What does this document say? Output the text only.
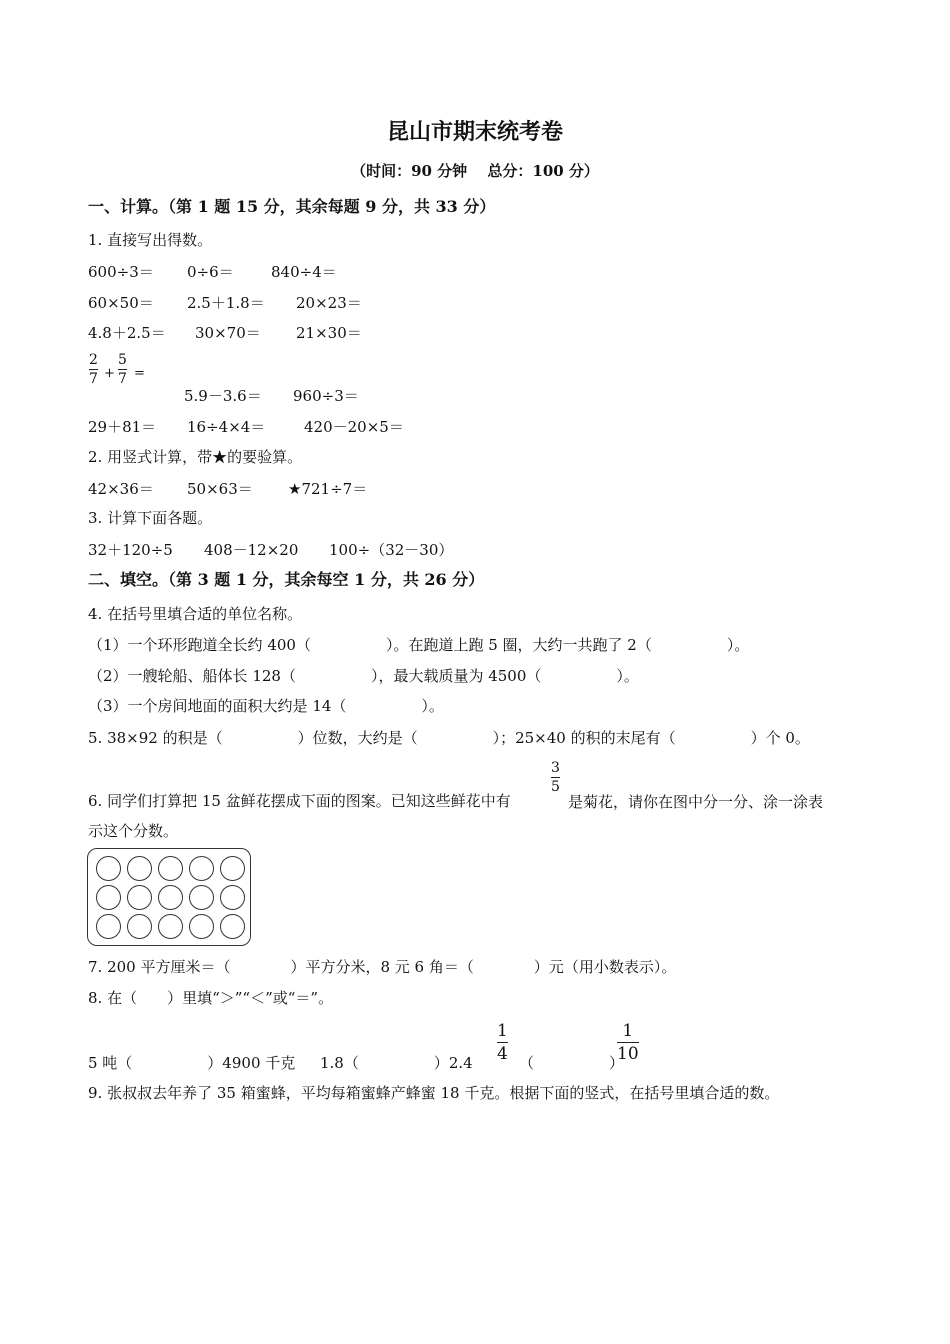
昆山市期末统考卷
（时间：90 分钟　 总分：100 分）
一、计算。（第 1 题 15 分，其余每题 9 分，共 33 分）
1. 直接写出得数。
600÷3＝ 0÷6＝ 840÷4＝
60×50＝ 2.5＋1.8＝ 20×23＝
4.8＋2.5＝ 30×70＝ 21×30＝
2
7 +
5
7 =
5.9－3.6＝ 960÷3＝
29＋81＝ 16÷4×4＝	420－20×5＝
2. 用竖式计算，带★的要验算。
42×36＝ 50×63＝ ★721÷7＝
3. 计算下面各题。
32＋120÷5 408－12×20 100÷（32－30）
二、填空。（第 3 题 1 分，其余每空 1 分，共 26 分）
4. 在括号里填合适的单位名称。
（1）一个环形跑道全长约 400（　　　　　）。在跑道上跑 5 圈，大约一共跑了 2（　　　　　）。
（2）一艘轮船、船体长 128（　　　　　），最大载质量为 4500（　　　　　）。
（3）一个房间地面的面积大约是 14（　　　　　）。
5. 38×92 的积是（　　　　　）位数，大约是（　　　　　）；25×40 的积的末尾有（　　　　　）个 0。
6. 同学们打算把 15 盆鲜花摆成下面的图案。已知这些鲜花中有
3
5
是菊花，请你在图中分一分、涂一涂表
示这个分数。
7. 200 平方厘米＝（　　　　）平方分米，8 元 6 角＝（　　　　）元（用小数表示）。
8. 在（　　）里填“＞”“＜”或“＝”。
5 吨（　　　　　）4900 千克 1.8（　　　　　）2.4
1
4 （　　　　　）
1
10
9. 张叔叔去年养了 35 箱蜜蜂，平均每箱蜜蜂产蜂蜜 18 千克。根据下面的竖式，在括号里填合适的数。
